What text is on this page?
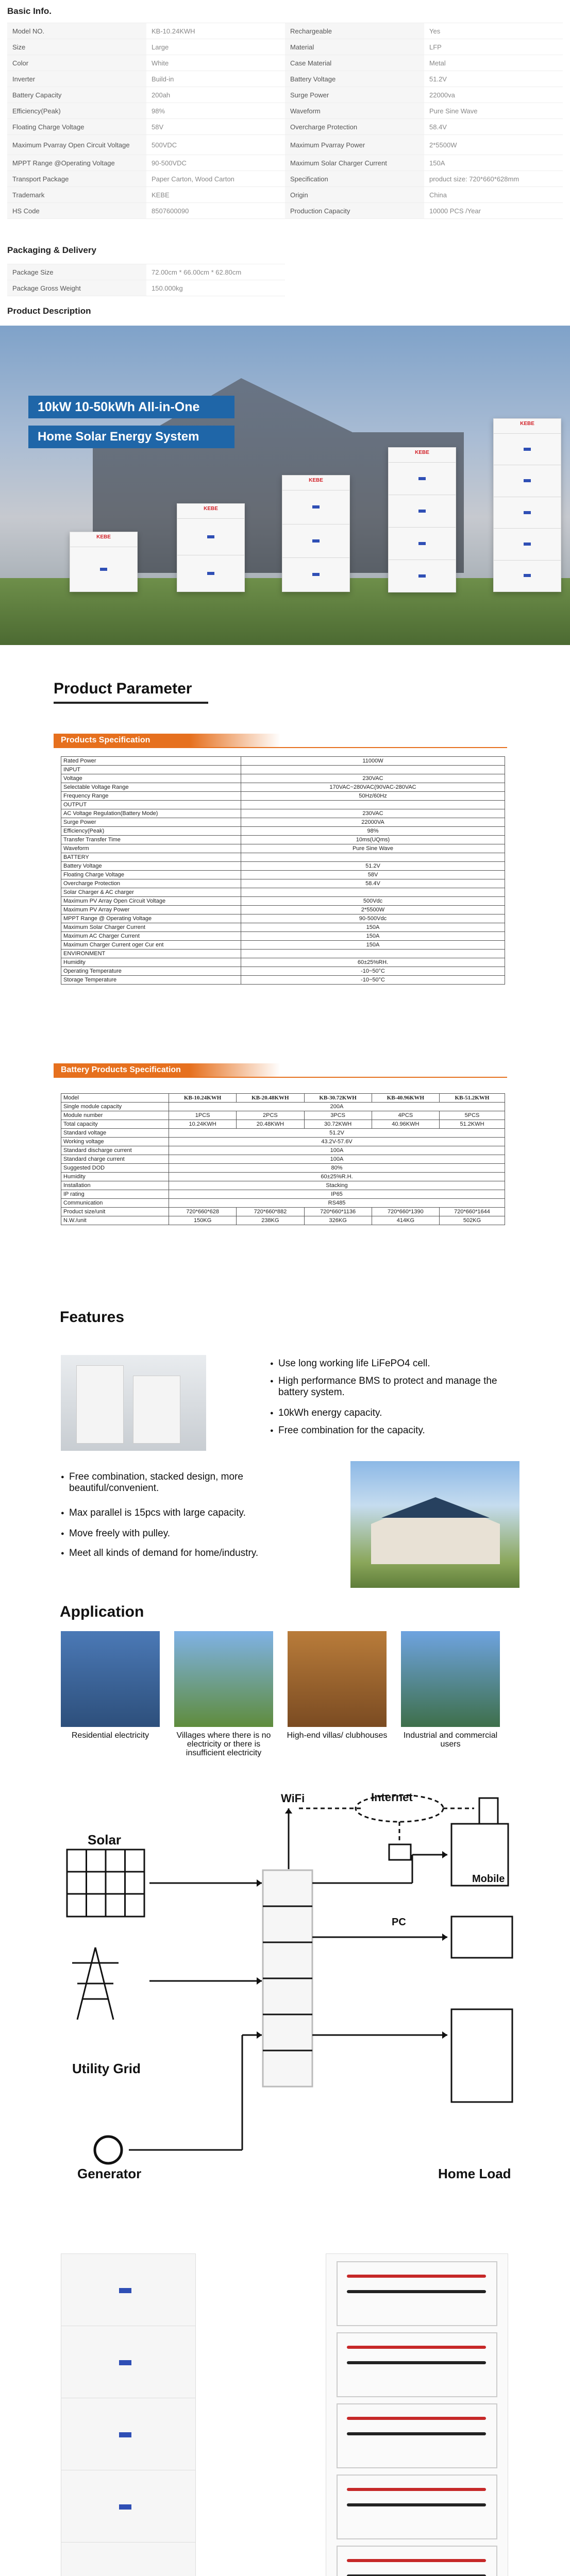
Basic Info.
Model NO.	KB-10.24KWH	Rechargeable	Yes
Size	Large	Material	LFP
Color	White	Case Material	Metal
Inverter	Build-in	Battery Voltage	51.2V
Battery Capacity	200ah	Surge Power	22000va
Efficiency(Peak)	98%	Waveform	Pure Sine Wave
Floating Charge Voltage	58V	Overcharge Protection	58.4V
Maximum Pvarray Open Circuit Voltage	500VDC	Maximum Pvarray Power	2*5500W
MPPT Range @Operating Voltage	90-500VDC	Maximum Solar Charger Current	150A
Transport Package	Paper Carton, Wood Carton	Specification	product size: 720*660*628mm
Trademark	KEBE	Origin	China
HS Code	8507600090	Production Capacity	10000 PCS /Year
Packaging & Delivery
Package Size	72.00cm * 66.00cm * 62.80cm
Package Gross Weight	150.000kg
Product Description
10kW 10-50kWh All-in-One
Home Solar Energy System
KEBE
KEBE
KEBE
KEBE
KEBE
Product Parameter
Products Specification
Rated Power	11000W
INPUT	
Voltage	230VAC
Selectable Voltage Range	170VAC~280VAC(90VAC-280VAC
Frequency Range	50Hz/60Hz
OUTPUT	
AC Voltage Regulation(Battery Mode)	230VAC
Surge Power	22000VA
Efficiency(Peak)	98%
Transfer Transfer Time	10ms(UQms)
Waveform	Pure Sine Wave
BATTERY	
Battery Voltage	51.2V
Floating Charge Voltage	58V
Overcharge Protection	58.4V
Solar Charger & AC charger	
Maximum PV Array Open Circuit Voltage	500Vdc
Maximum PV Array Power	2*5500W
MPPT Range @ Operating Voltage	90-500Vdc
Maximum Solar Charger Current	150A
Maximum AC Charger Current	150A
Maximum Charger Current oger Cur ent	150A
ENVIRONMENT	
Humidity	60±25%RH.
Operating Temperature	-10~50°C
Storage Temperature	-10~50°C
Battery Products Specification
Model	KB-10.24KWH	KB-20.48KWH	KB-30.72KWH	KB-40.96KWH	KB-51.2KWH
Single module capacity	200A				
Module number	1PCS	2PCS	3PCS	4PCS	5PCS
Total capacity	10.24KWH	20.48KWH	30.72KWH	40.96KWH	51.2KWH
Standard voltage	51.2V				
Working voltage	43.2V-57.6V				
Standard discharge current	100A				
Standard charge current	100A				
Suggested DOD	80%				
Humidity	60±25%R.H.				
Installation	Stacking				
IP rating	IP65				
Communication	RS485				
Product size/unit	720*660*628	720*660*882	720*660*1136	720*660*1390	720*660*1644
N.W./unit	150KG	238KG	326KG	414KG	502KG
Features
● Use long working life LiFePO4 cell.
● High performance BMS to protect and manage the battery system.
● 10kWh energy capacity.
● Free combination for the capacity.
● Free combination, stacked design, more beautiful/convenient.
● Max parallel is 15pcs with large capacity.
● Move freely with pulley.
● Meet all kinds of demand for home/industry.
Application
Residential electricity	Villages where there is no electricity or there is insufficient electricity
High-end villas/ clubhouses	Industrial and commercial users
WiFi	Internet
Mobile
PC
Solar
Utility Grid
Generator	Home Load
